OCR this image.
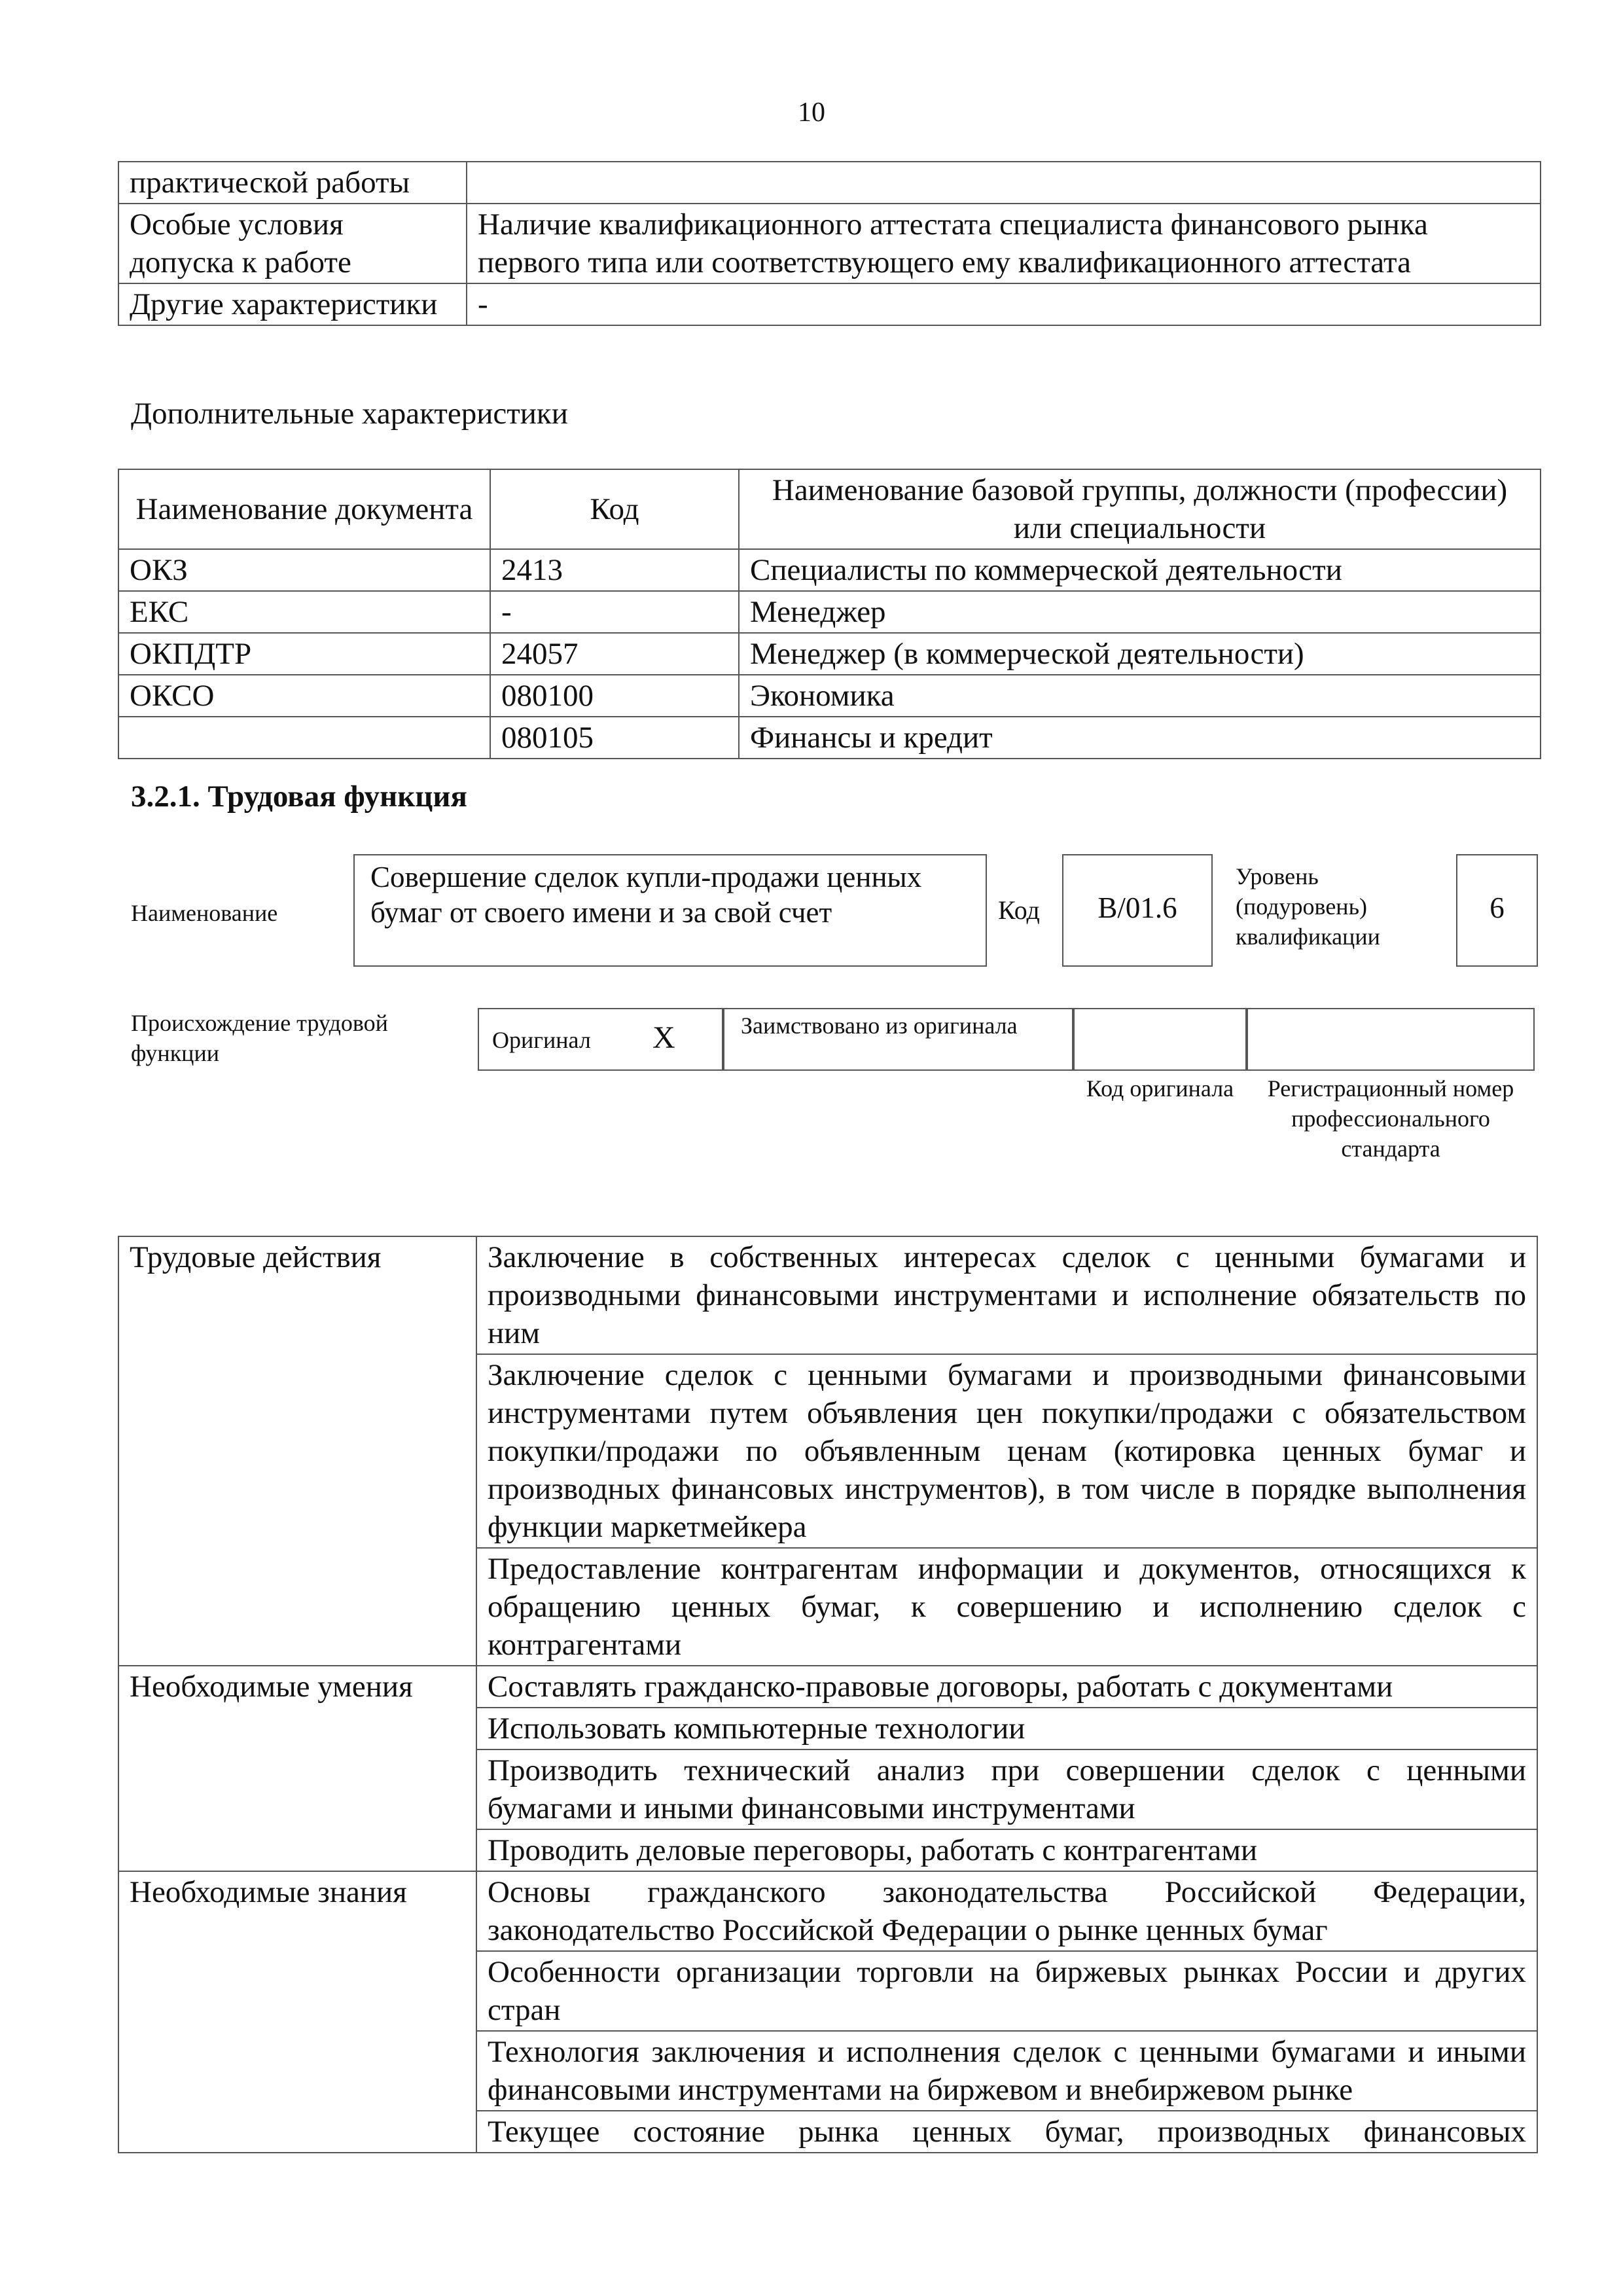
10
практической работы	
Особые условия допуска к работе	Наличие квалификационного аттестата специалиста финансового рынка первого типа или соответствующего ему квалификационного аттестата
Другие характеристики	-
Дополнительные характеристики
Наименование документа	Код	Наименование базовой группы, должности (профессии) или специальности
ОКЗ	2413	Специалисты по коммерческой деятельности
ЕКС	-	Менеджер
ОКПДТР	24057	Менеджер (в коммерческой деятельности)
ОКСО	080100	Экономика
	080105	Финансы и кредит
3.2.1. Трудовая функция
Наименование
Совершение сделок купли-продажи ценных бумаг от своего имени и за свой счет	Код	B/01.6
Уровень (подуровень) квалификации
6
Происхождение трудовой функции	Оригинал X	Заимствовано из оригинала
Код оригинала	Регистрационный номер профессионального стандарта
Трудовые действия	Заключение в собственных интересах сделок с ценными бумагами и производными финансовыми инструментами и исполнение обязательств по ним
	Заключение сделок с ценными бумагами и производными финансовыми инструментами путем объявления цен покупки/продажи с обязательством покупки/продажи по объявленным ценам (котировка ценных бумаг и производных финансовых инструментов), в том числе в порядке выполнения функции маркетмейкера
	Предоставление контрагентам информации и документов, относящихся к обращению ценных бумаг, к совершению и исполнению сделок с контрагентами
Необходимые умения	Составлять гражданско-правовые договоры, работать с документами
	Использовать компьютерные технологии
	Производить технический анализ при совершении сделок с ценными бумагами и иными финансовыми инструментами
	Проводить деловые переговоры, работать с контрагентами
Необходимые знания	Основы гражданского законодательства Российской Федерации, законодательство Российской Федерации о рынке ценных бумаг
	Особенности организации торговли на биржевых рынках России и других стран
	Технология заключения и исполнения сделок с ценными бумагами и иными финансовыми инструментами на биржевом и внебиржевом рынке
	Текущее состояние рынка ценных бумаг, производных финансовых
